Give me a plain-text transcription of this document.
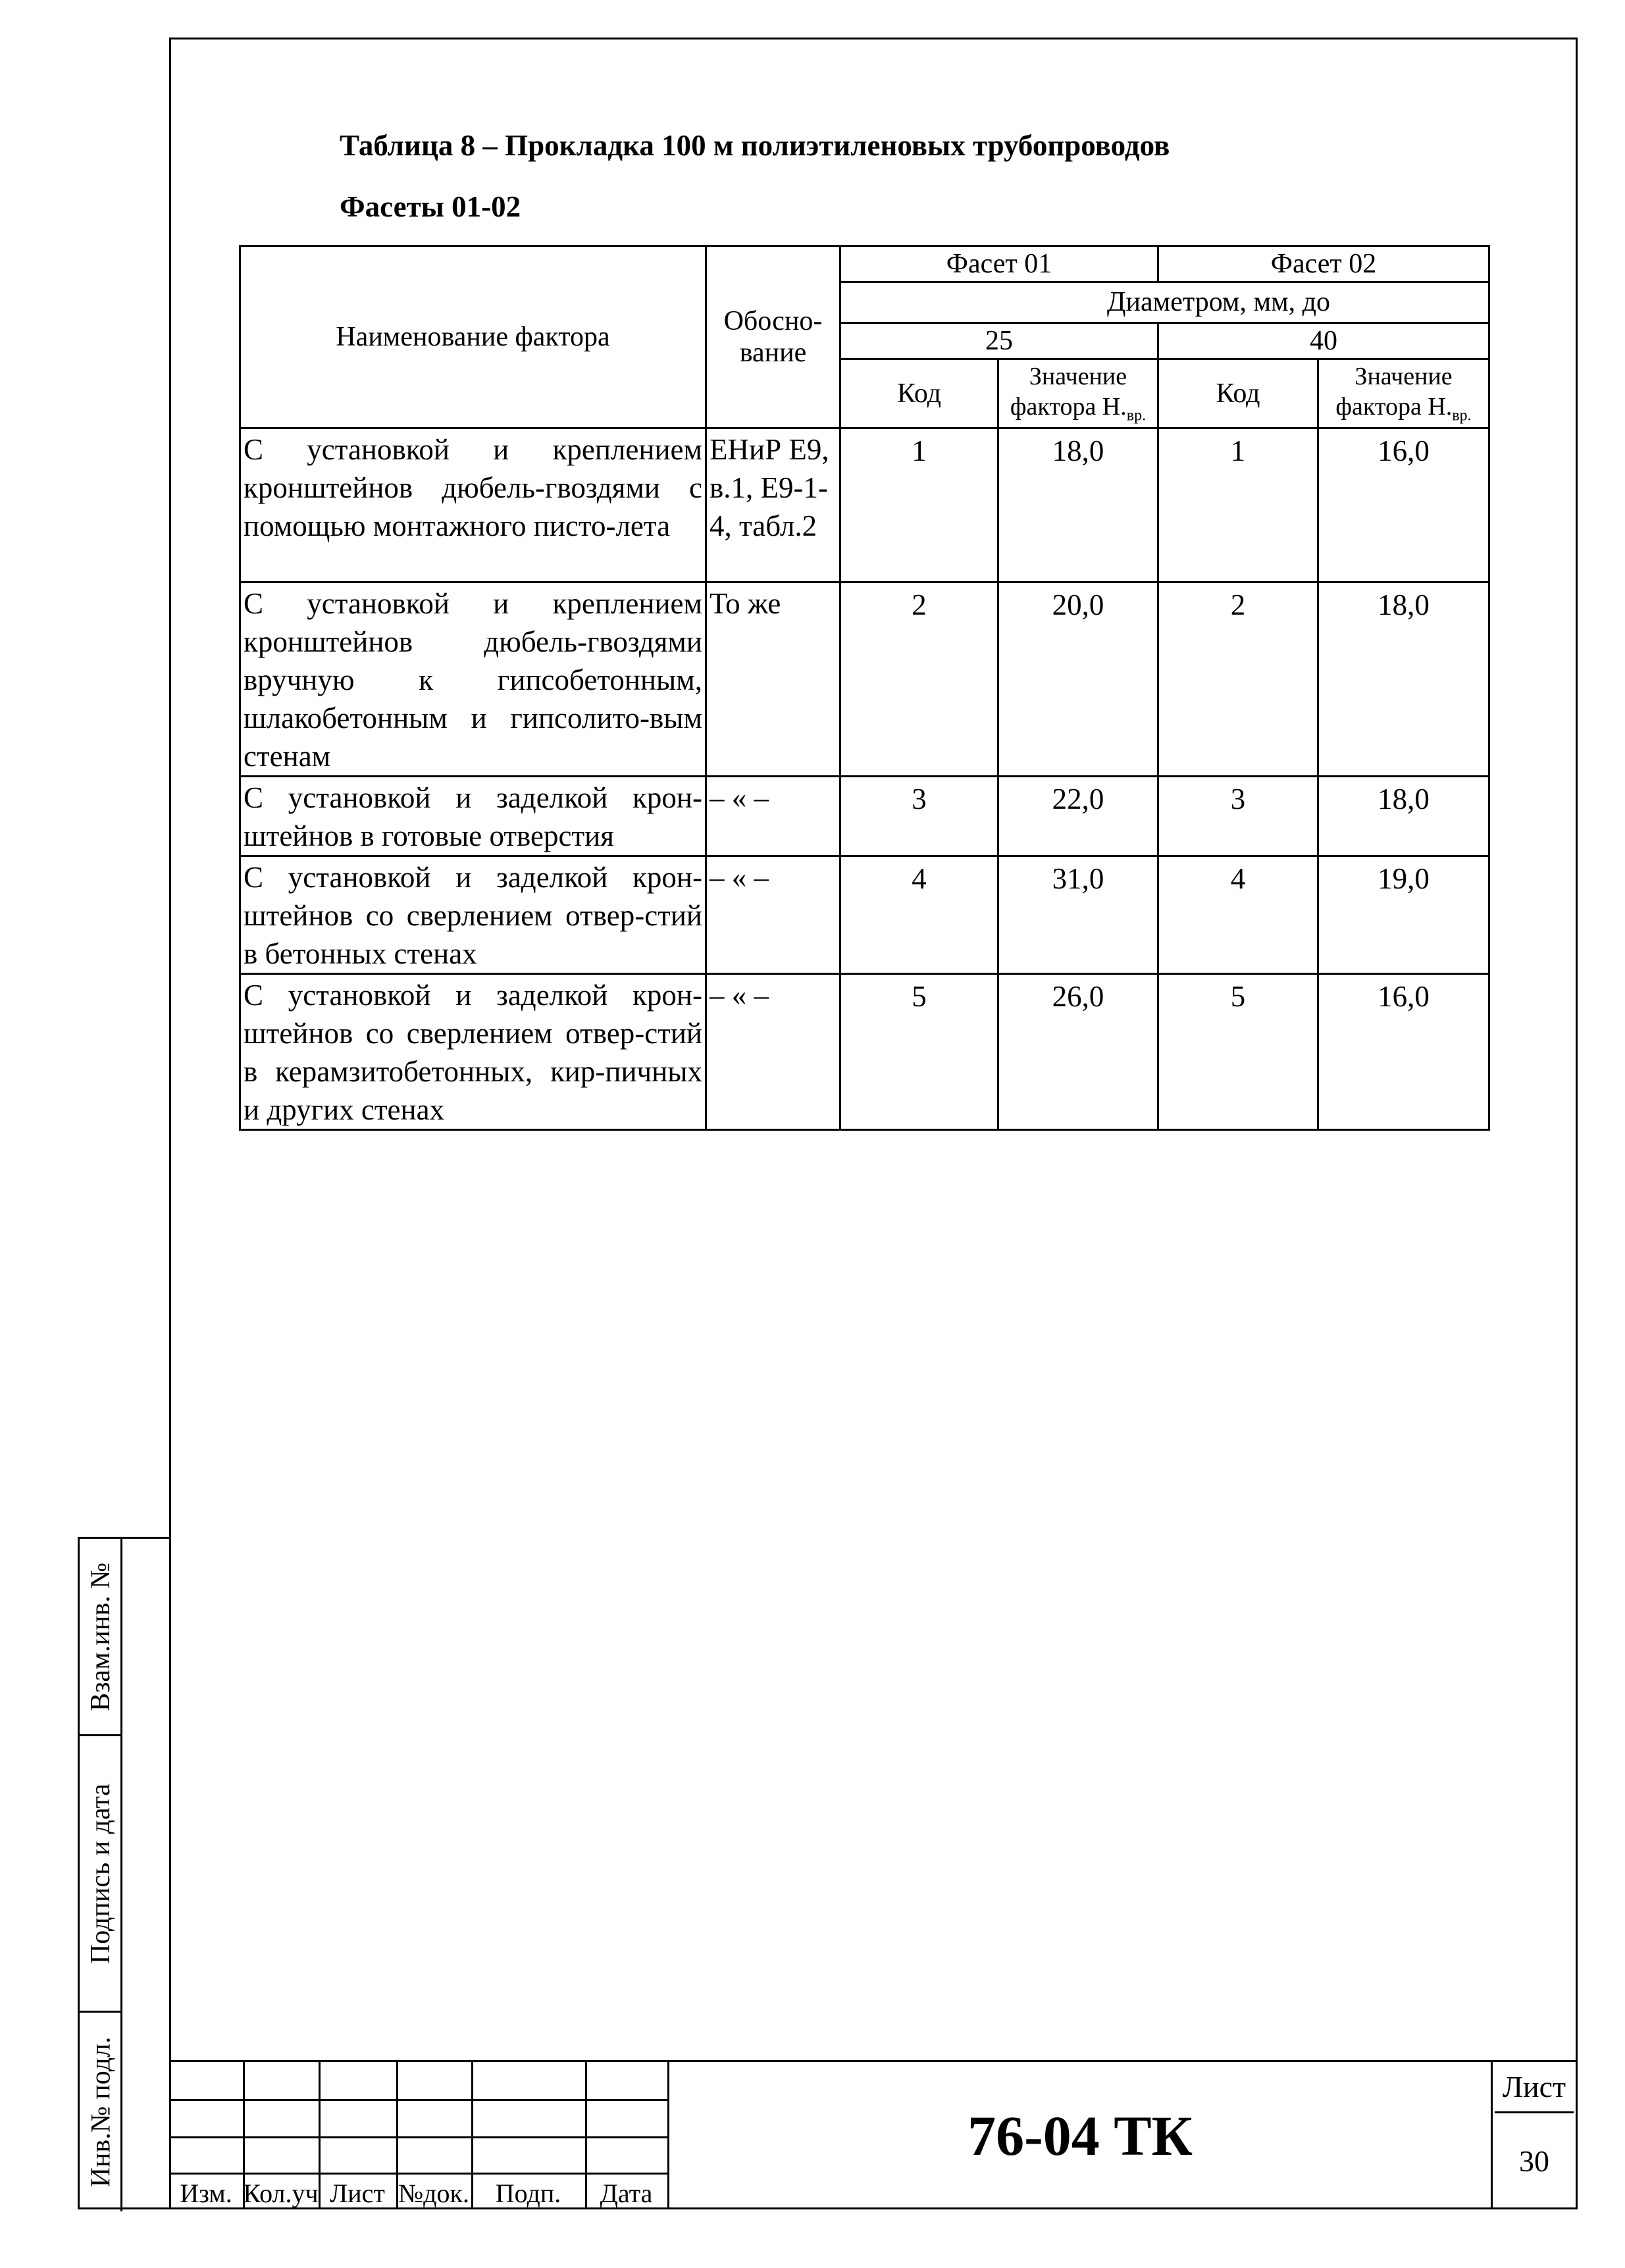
Взам.инв. №
Подпись и дата
Инв.№ подл.
Таблица 8 – Прокладка 100 м полиэтиленовых трубопроводов
Фасеты 01-02
Наименование фактора	Обосно-вание	Фасет 01		Фасет 02	
		Диаметром, мм, до			
		25		40	
		Код	Значение фактора $Н._{вр.}$	Код	Значение фактора $Н._{вр.}$
С установкой и креплением кронштейнов дюбель-гвоздями с помощью монтажного писто-лета	ЕНиР Е9, в.1, Е9-1-4, табл.2	1	18,0	1	16,0
С установкой и креплением кронштейнов дюбель-гвоздями вручную к гипсобетонным, шлакобетонным и гипсолито-вым стенам	То же	2	20,0	2	18,0
С установкой и заделкой крон-штейнов в готовые отверстия	– « –	3	22,0	3	18,0
С установкой и заделкой крон-штейнов со сверлением отвер-стий в бетонных стенах	– « –	4	31,0	4	19,0
С установкой и заделкой крон-штейнов со сверлением отвер-стий в керамзитобетонных, кир-пичных и других стенах	– « –	5	26,0	5	16,0
Изм. Кол.уч Лист №док. Подп.	Дата
76-04 ТК
Лист
30
